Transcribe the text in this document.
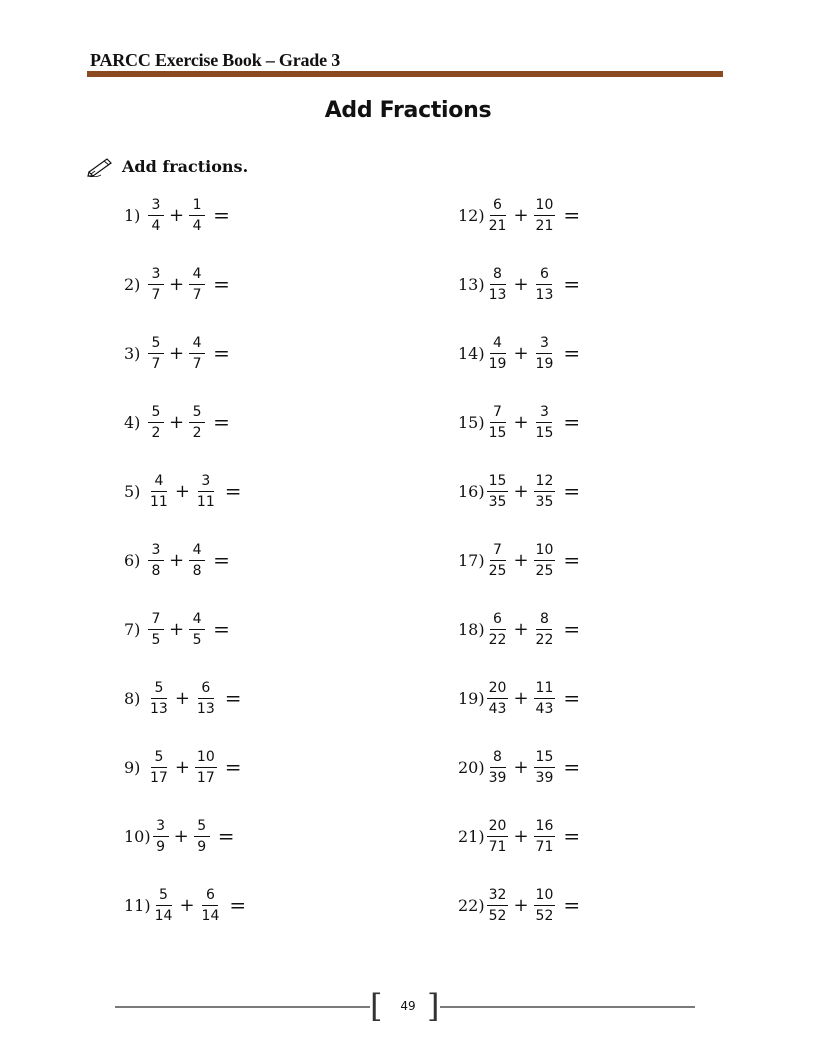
PARCC Exercise Book – Grade 3
Add Fractions
Add fractions.
$1) \frac{3}{4} + \frac{1}{4}$ =
$2) \frac{3}{7} + \frac{4}{7}$ =
$3) \frac{5}{7} + \frac{4}{7}$ =
$4) \frac{5}{2} + \frac{5}{2}$ =
$5) \frac{4}{11} + \frac{3}{11}$ =
$6) \frac{3}{8} + \frac{4}{8}$ =
$7) \frac{7}{5} + \frac{4}{5}$ =
$8) \frac{5}{13} + \frac{6}{13}$ =
$9) \frac{5}{17} + \frac{10}{17}$ =
$10) \frac{3}{9} + \frac{5}{9}$ =
$11) \frac{5}{14} + \frac{6}{14}$ =
$12) \frac{6}{21} + \frac{10}{21}$ =
$13) \frac{8}{13} + \frac{6}{13}$ =
$14) \frac{4}{19} + \frac{3}{19}$ =
$15) \frac{7}{15} + \frac{3}{15}$ =
$16) \frac{15}{35} + \frac{12}{35}$ =
$17) \frac{7}{25} + \frac{10}{25}$ =
$18) \frac{6}{22} + \frac{8}{22}$ =
$19) \frac{20}{43} + \frac{11}{43}$ =
$20) \frac{8}{39} + \frac{15}{39}$ =
$21) \frac{20}{71} + \frac{16}{71}$ =
$22) \frac{32}{52} + \frac{10}{52}$ =
[	49 ]
